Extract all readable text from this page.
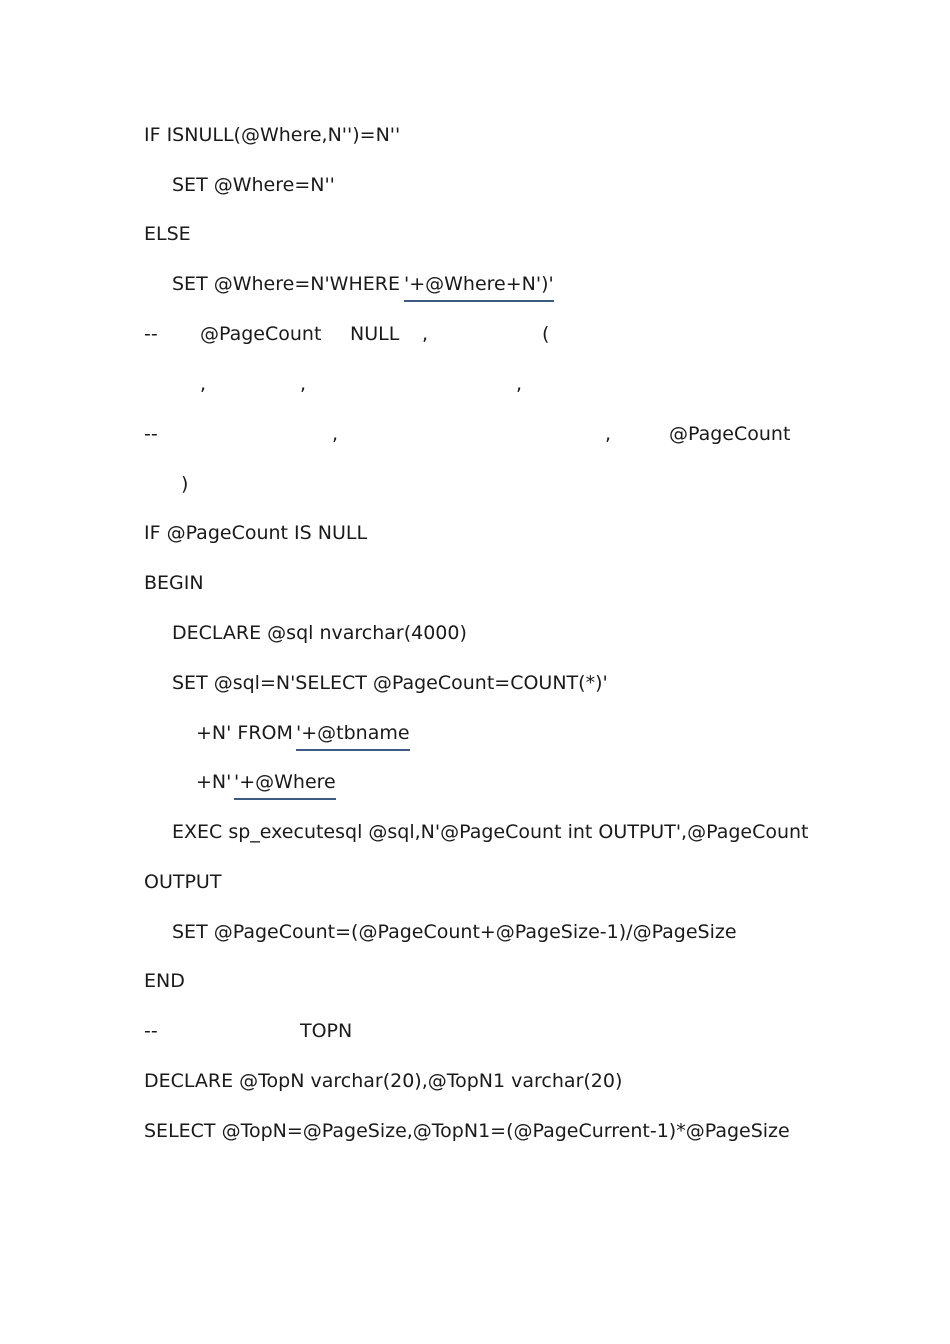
IF ISNULL(@Where,N'')=N''

SET @Where=N''

ELSE

SET @Where=N'WHERE

'+@Where+N')'

--

@PageCount

NULL

,

	(

,

	,

	,

--

	,

	,

	@PageCount

)

IF @PageCount IS NULL

BEGIN

DECLARE @sql nvarchar(4000)

SET @sql=N'SELECT @PageCount=COUNT(*)'

+N' FROM

'+@tbname

+N'

'+@Where

EXEC sp_executesql @sql,N'@PageCount int OUTPUT',@PageCount

OUTPUT

SET @PageCount=(@PageCount+@PageSize-1)/@PageSize

END

--

	TOPN

DECLARE @TopN varchar(20),@TopN1 varchar(20)

SELECT @TopN=@PageSize,@TopN1=(@PageCurrent-1)*@PageSize
